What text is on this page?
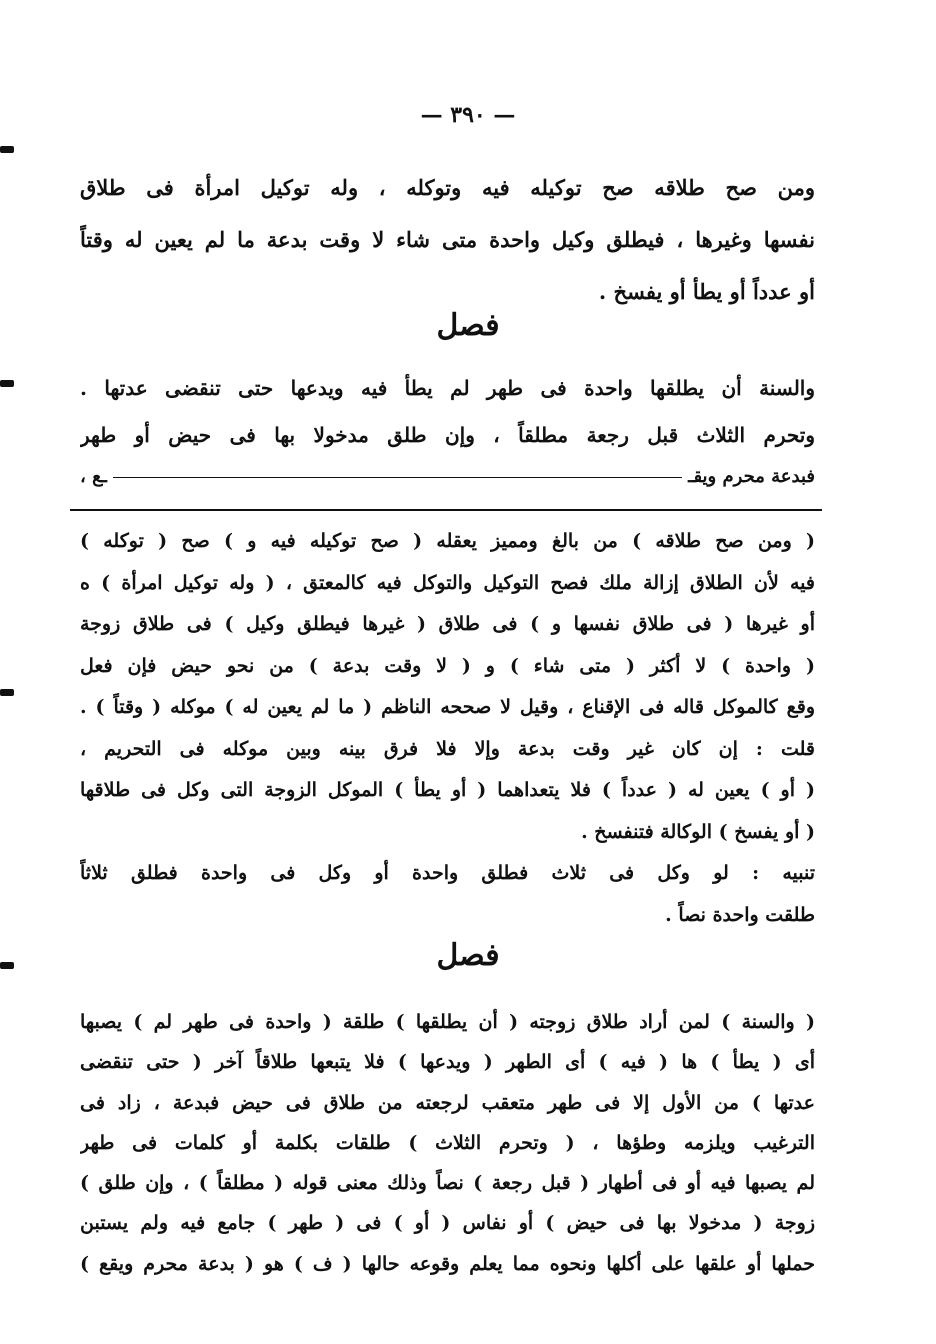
— ٣٩٠ —
ومن صح طلاقه صح توكيله فيه وتوكله ، وله توكيل امرأة فى طلاق
نفسها وغيرها ، فيطلق وكيل واحدة متى شاء لا وقت بدعة ما لم يعين له وقتاً
أو عدداً أو يطأ أو يفسخ .
فصل
والسنة أن يطلقها واحدة فى طهر لم يطأ فيه ويدعها حتى تنقضى عدتها .
وتحرم الثلاث قبل رجعة مطلقاً ، وإن طلق مدخولا بها فى حيض أو طهر
فبدعة محرم ويقـ
ـع ،
( ومن صح طلاقه ) من بالغ ومميز يعقله ( صح توكيله فيه و ) صح ( توكله )
فيه لأن الطلاق إزالة ملك فصح التوكيل والتوكل فيه كالمعتق ، ( وله توكيل امرأة ) ه
أو غيرها ( فى طلاق نفسها و ) فى طلاق ( غيرها فيطلق وكيل ) فى طلاق زوجة
( واحدة ) لا أكثر ( متى شاء ) و ( لا وقت بدعة ) من نحو حيض فإن فعل
وقع كالموكل قاله فى الإقناع ، وقيل لا صححه الناظم ( ما لم يعين له ) موكله ( وقتاً ) .
قلت : إن كان غير وقت بدعة وإلا فلا فرق بينه وبين موكله فى التحريم ،
( أو ) يعين له ( عدداً ) فلا يتعداهما ( أو يطأ ) الموكل الزوجة التى وكل فى طلاقها
( أو يفسخ ) الوكالة فتنفسخ .
تنبيه : لو وكل فى ثلاث فطلق واحدة أو وكل فى واحدة فطلق ثلاثاً
طلقت واحدة نصاً .
فصل
( والسنة ) لمن أراد طلاق زوجته ( أن يطلقها ) طلقة ( واحدة فى طهر لم ) يصبها
أى ( يطأ ) ها ( فيه ) أى الطهر ( ويدعها ) فلا يتبعها طلاقاً آخر ( حتى تنقضى
عدتها ) من الأول إلا فى طهر متعقب لرجعته من طلاق فى حيض فبدعة ، زاد فى
الترغيب ويلزمه وطؤها ، ( وتحرم الثلاث ) طلقات بكلمة أو كلمات فى طهر
لم يصبها فيه أو فى أطهار ( قبل رجعة ) نصاً وذلك معنى قوله ( مطلقاً ) ، وإن طلق )
زوجة ( مدخولا بها فى حيض ) أو نفاس ( أو ) فى ( طهر ) جامع فيه ولم يستبن
حملها أو علقها على أكلها ونحوه مما يعلم وقوعه حالها ( ف ) هو ( بدعة محرم ويقع )
